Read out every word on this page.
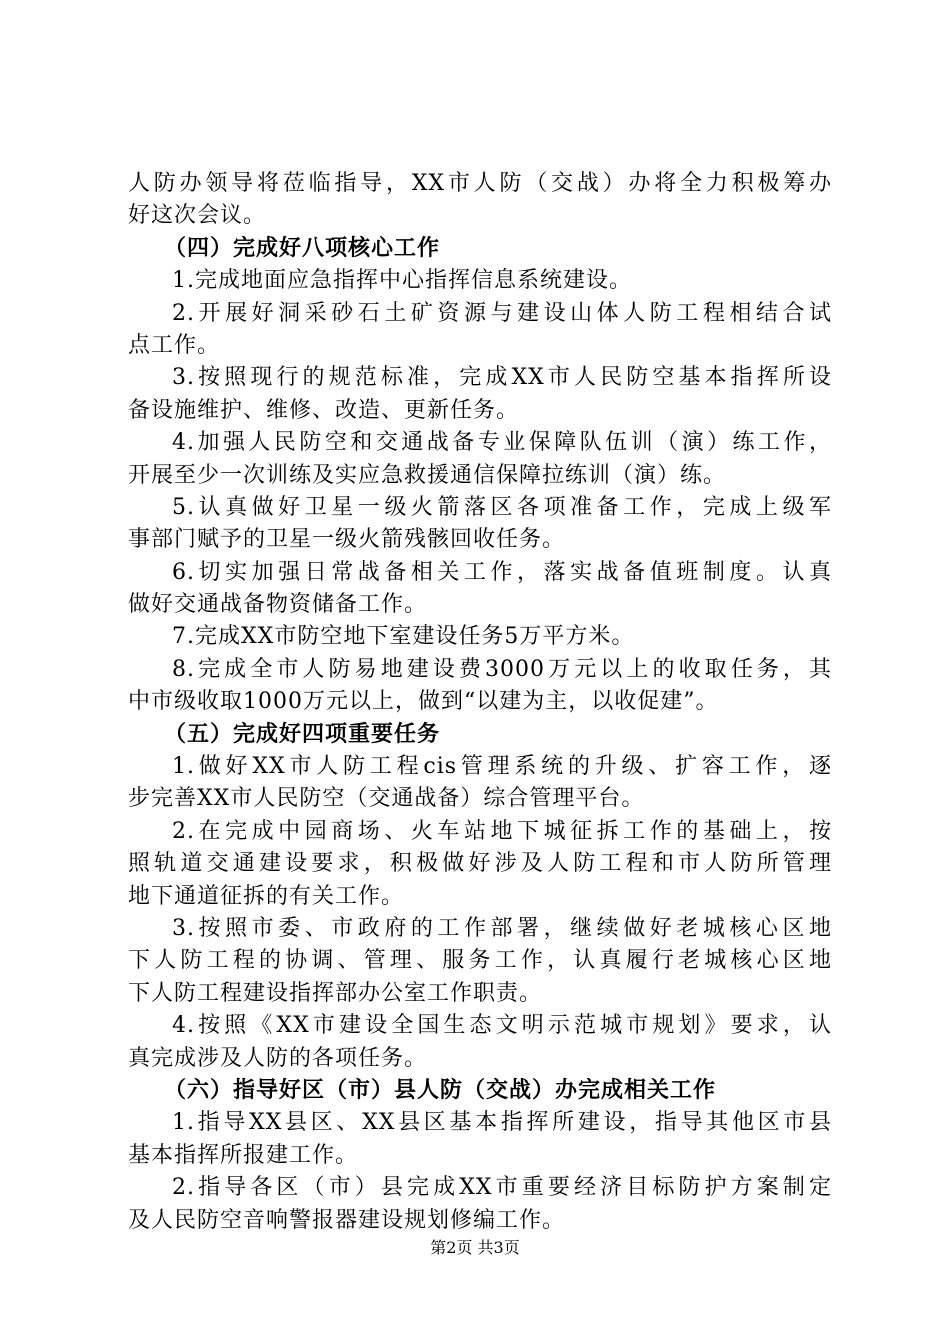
人防办领导将莅临指导，XX市人防（交战）办将全力积极筹办
好这次会议。
（四）完成好八项核心工作
1.完成地面应急指挥中心指挥信息系统建设。
2.开展好洞采砂石土矿资源与建设山体人防工程相结合试
点工作。
3.按照现行的规范标准，完成XX市人民防空基本指挥所设
备设施维护、维修、改造、更新任务。
4.加强人民防空和交通战备专业保障队伍训（演）练工作，
开展至少一次训练及实应急救援通信保障拉练训（演）练。
5.认真做好卫星一级火箭落区各项准备工作，完成上级军
事部门赋予的卫星一级火箭残骸回收任务。
6.切实加强日常战备相关工作，落实战备值班制度。认真
做好交通战备物资储备工作。
7.完成XX市防空地下室建设任务5万平方米。
8.完成全市人防易地建设费3000万元以上的收取任务，其
中市级收取1000万元以上，做到“以建为主，以收促建”。
（五）完成好四项重要任务
1.做好XX市人防工程cis管理系统的升级、扩容工作，逐
步完善XX市人民防空（交通战备）综合管理平台。
2.在完成中园商场、火车站地下城征拆工作的基础上，按
照轨道交通建设要求，积极做好涉及人防工程和市人防所管理
地下通道征拆的有关工作。
3.按照市委、市政府的工作部署，继续做好老城核心区地
下人防工程的协调、管理、服务工作，认真履行老城核心区地
下人防工程建设指挥部办公室工作职责。
4.按照《XX市建设全国生态文明示范城市规划》要求，认
真完成涉及人防的各项任务。
（六）指导好区（市）县人防（交战）办完成相关工作
1.指导XX县区、XX县区基本指挥所建设，指导其他区市县
基本指挥所报建工作。
2.指导各区（市）县完成XX市重要经济目标防护方案制定
及人民防空音响警报器建设规划修编工作。
第2页 共3页
